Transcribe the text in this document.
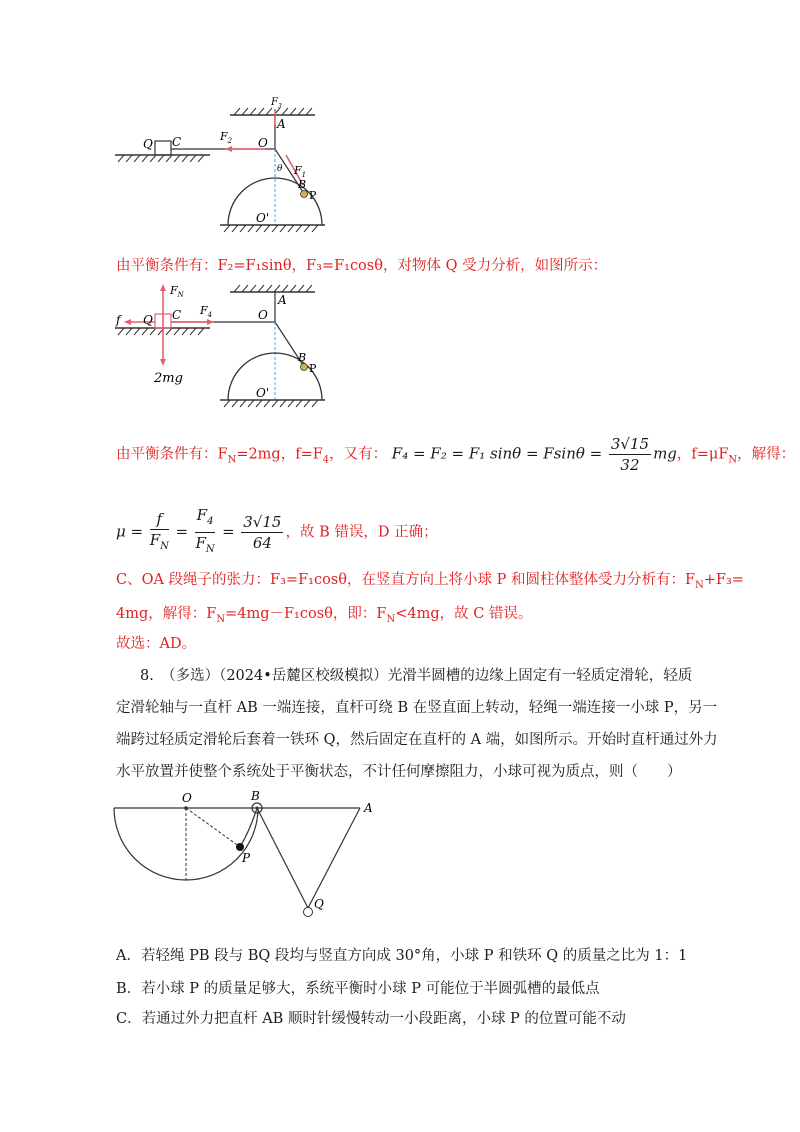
Q C	$F_2$ O
$F_3$
A
θ $F_1$
B
P
O'
由平衡条件有：F₂=F₁sinθ，F₃=F₁cosθ，对物体 Q 受力分析，如图所示：
f Q C
$F_N$
$F_4$	O
A
2mg
B
P
O'
由平衡条件有：$F_N=2mg$，$f=F_4$，又有： F₄ = F₂ = F₁ $\sin\theta = Fsin\theta = \frac{3√15}{32}$ mg，$f=\mu F_N$，解得：
$\mu = \frac{f}{F_N} = \frac{F_4}{F_N} = \frac{3√15}{64}$ ，故 B 错误，D 正确；
C、OA 段绳子的张力：F₃=F₁cosθ，在竖直方向上将小球 P 和圆柱体整体受力分析有：$F_N+F_3=$
4mg，解得：$F_N=4mg-F_1\cos\theta$，即：$F_N<4mg$，故 C 错误。
故选：AD。
8.　（多选）（2024•岳麓区校级模拟）光滑半圆槽的边缘上固定有一轻质定滑轮，轻质
定滑轮轴与一直杆 AB 一端连接，直杆可绕 B 在竖直面上转动，轻绳一端连接一小球 P，另一
端跨过轻质定滑轮后套着一铁环 Q，然后固定在直杆的 A 端，如图所示。开始时直杆通过外力
水平放置并使整个系统处于平衡状态，不计任何摩擦阻力，小球可视为质点，则（　　）
O	B
A
P
Q
A．若轻绳 PB 段与 BQ 段均与竖直方向成 30°角，小球 P 和铁环 Q 的质量之比为 1：1
B．若小球 P 的质量足够大，系统平衡时小球 P 可能位于半圆弧槽的最低点
C．若通过外力把直杆 AB 顺时针缓慢转动一小段距离，小球 P 的位置可能不动
